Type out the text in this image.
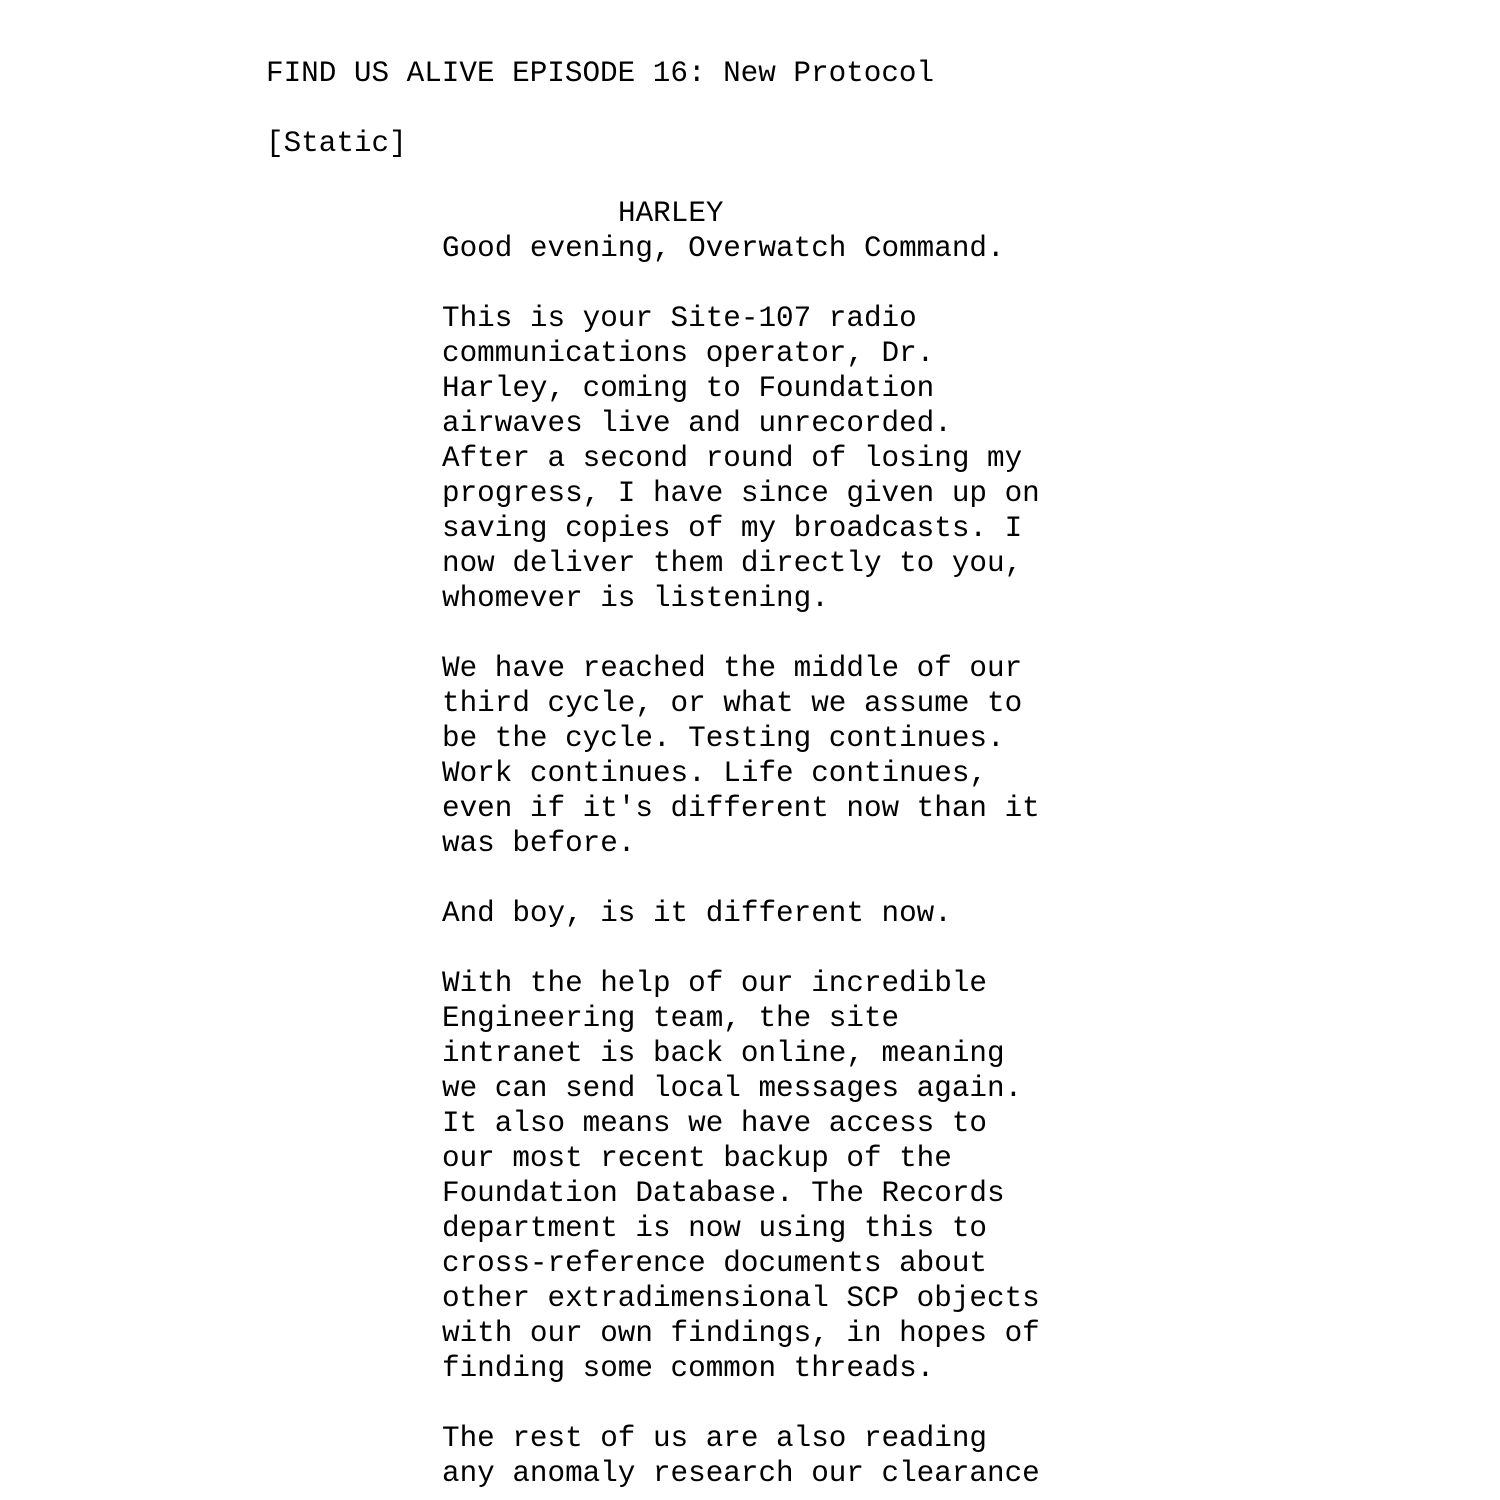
FIND US ALIVE EPISODE 16: New Protocol
[Static]
HARLEY
Good evening, Overwatch Command.
This is your Site-107 radio
communications operator, Dr.
Harley, coming to Foundation
airwaves live and unrecorded.
After a second round of losing my
progress, I have since given up on
saving copies of my broadcasts. I
now deliver them directly to you,
whomever is listening.
We have reached the middle of our
third cycle, or what we assume to
be the cycle. Testing continues.
Work continues. Life continues,
even if it's different now than it
was before.
And boy, is it different now.
With the help of our incredible
Engineering team, the site
intranet is back online, meaning
we can send local messages again.
It also means we have access to
our most recent backup of the
Foundation Database. The Records
department is now using this to
cross-reference documents about
other extradimensional SCP objects
with our own findings, in hopes of
finding some common threads.
The rest of us are also reading
any anomaly research our clearance
